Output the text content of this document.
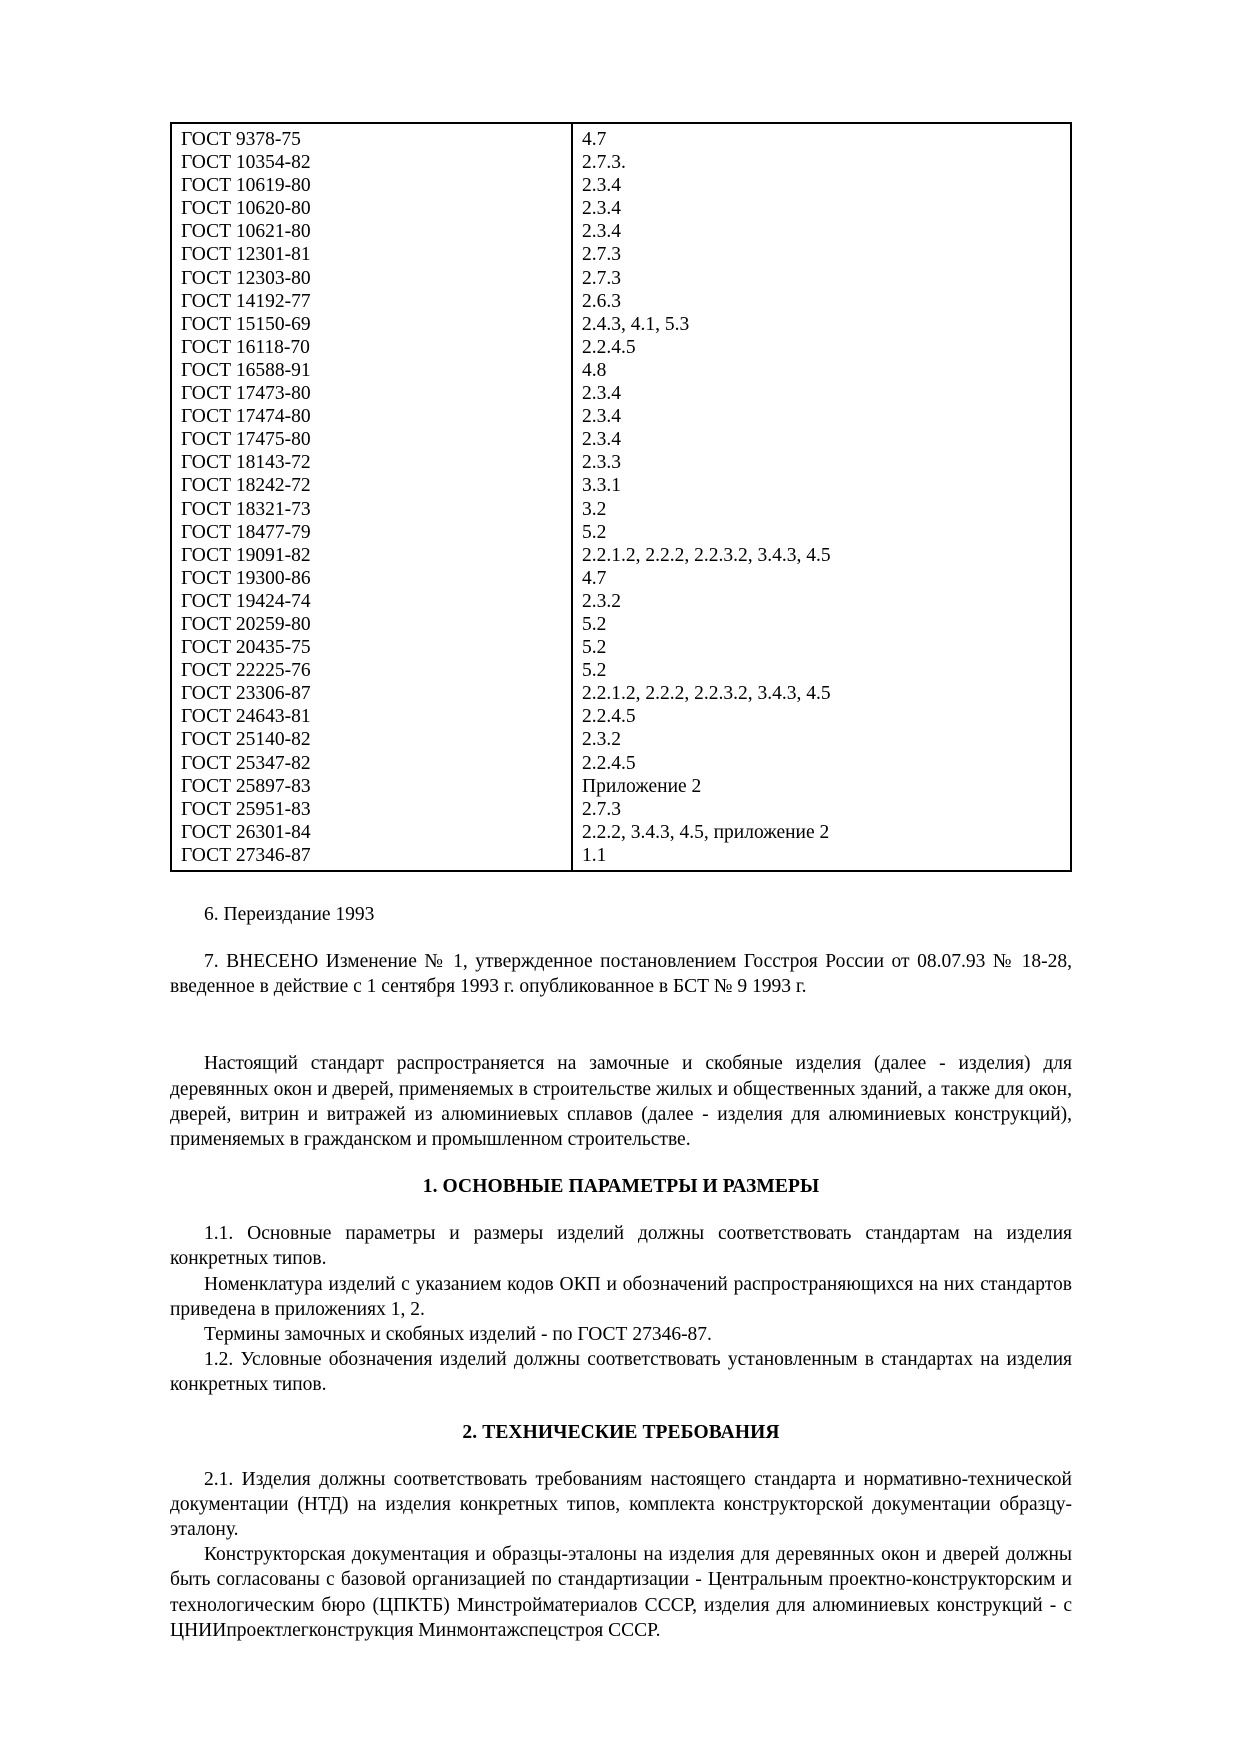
ГОСТ 9378-75	4.7
ГОСТ 10354-82	2.7.3.
ГОСТ 10619-80	2.3.4
ГОСТ 10620-80	2.3.4
ГОСТ 10621-80	2.3.4
ГОСТ 12301-81	2.7.3
ГОСТ 12303-80	2.7.3
ГОСТ 14192-77	2.6.3
ГОСТ 15150-69	2.4.3, 4.1, 5.3
ГОСТ 16118-70	2.2.4.5
ГОСТ 16588-91	4.8
ГОСТ 17473-80	2.3.4
ГОСТ 17474-80	2.3.4
ГОСТ 17475-80	2.3.4
ГОСТ 18143-72	2.3.3
ГОСТ 18242-72	3.3.1
ГОСТ 18321-73	3.2
ГОСТ 18477-79	5.2
ГОСТ 19091-82	2.2.1.2, 2.2.2, 2.2.3.2, 3.4.3, 4.5
ГОСТ 19300-86	4.7
ГОСТ 19424-74	2.3.2
ГОСТ 20259-80	5.2
ГОСТ 20435-75	5.2
ГОСТ 22225-76	5.2
ГОСТ 23306-87	2.2.1.2, 2.2.2, 2.2.3.2, 3.4.3, 4.5
ГОСТ 24643-81	2.2.4.5
ГОСТ 25140-82	2.3.2
ГОСТ 25347-82	2.2.4.5
ГОСТ 25897-83	Приложение 2
ГОСТ 25951-83	2.7.3
ГОСТ 26301-84	2.2.2, 3.4.3, 4.5, приложение 2
ГОСТ 27346-87	1.1

6. Переиздание 1993

7. ВНЕСЕНО Изменение № 1, утвержденное постановлением Госстроя России от 08.07.93 № 18-28, введенное в действие с 1 сентября 1993 г. опубликованное в БСТ № 9 1993 г.

Настоящий стандарт распространяется на замочные и скобяные изделия (далее - изделия) для деревянных окон и дверей, применяемых в строительстве жилых и общественных зданий, а также для окон, дверей, витрин и витражей из алюминиевых сплавов (далее - изделия для алюминиевых конструкций), применяемых в гражданском и промышленном строительстве.

1. ОСНОВНЫЕ ПАРАМЕТРЫ И РАЗМЕРЫ

1.1. Основные параметры и размеры изделий должны соответствовать стандартам на изделия конкретных типов.

Номенклатура изделий с указанием кодов ОКП и обозначений распространяющихся на них стандартов приведена в приложениях 1, 2.

Термины замочных и скобяных изделий - по ГОСТ 27346-87.

1.2. Условные обозначения изделий должны соответствовать установленным в стандартах на изделия конкретных типов.

2. ТЕХНИЧЕСКИЕ ТРЕБОВАНИЯ

2.1. Изделия должны соответствовать требованиям настоящего стандарта и нормативно-технической документации (НТД) на изделия конкретных типов, комплекта конструкторской документации образцу-эталону.

Конструкторская документация и образцы-эталоны на изделия для деревянных окон и дверей должны быть согласованы с базовой организацией по стандартизации - Центральным проектно-конструкторским и технологическим бюро (ЦПКТБ) Минстройматериалов СССР, изделия для алюминиевых конструкций - с ЦНИИпроектлегконструкция Минмонтажспецстроя СССР.
